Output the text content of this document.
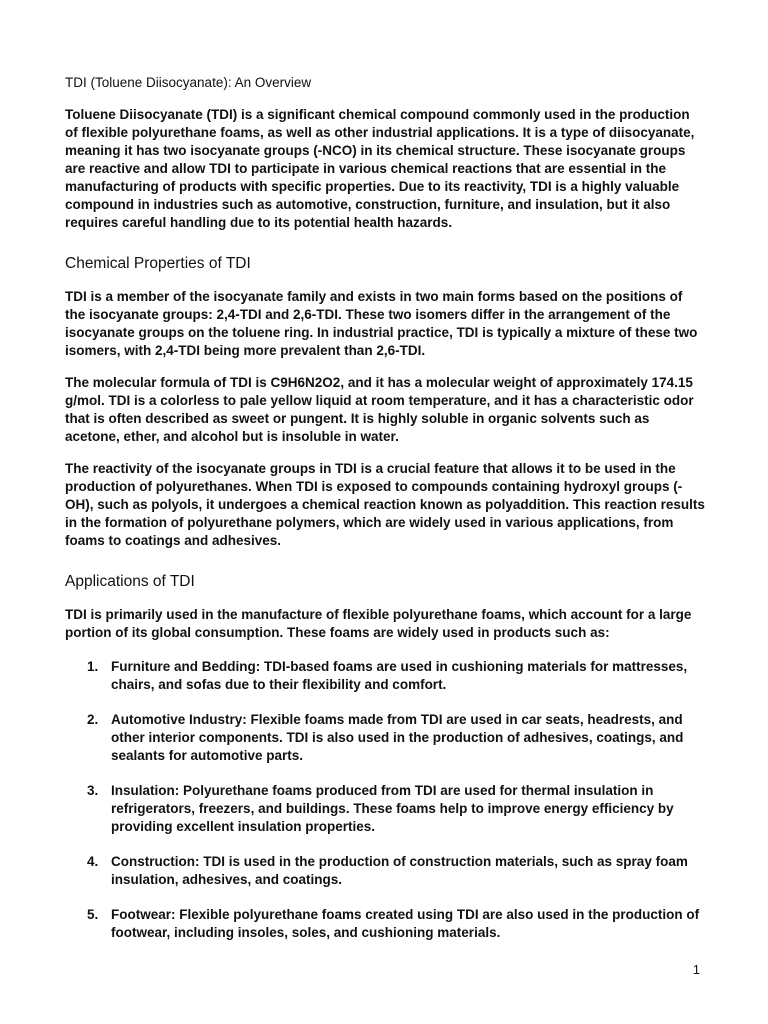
TDI (Toluene Diisocyanate): An Overview

Toluene Diisocyanate (TDI) is a significant chemical compound commonly used in the production of flexible polyurethane foams, as well as other industrial applications. It is a type of diisocyanate, meaning it has two isocyanate groups (-NCO) in its chemical structure. These isocyanate groups are reactive and allow TDI to participate in various chemical reactions that are essential in the manufacturing of products with specific properties. Due to its reactivity, TDI is a highly valuable compound in industries such as automotive, construction, furniture, and insulation, but it also requires careful handling due to its potential health hazards.

Chemical Properties of TDI

TDI is a member of the isocyanate family and exists in two main forms based on the positions of the isocyanate groups: 2,4-TDI and 2,6-TDI. These two isomers differ in the arrangement of the isocyanate groups on the toluene ring. In industrial practice, TDI is typically a mixture of these two isomers, with 2,4-TDI being more prevalent than 2,6-TDI.

The molecular formula of TDI is C9H6N2O2, and it has a molecular weight of approximately 174.15 g/mol. TDI is a colorless to pale yellow liquid at room temperature, and it has a characteristic odor that is often described as sweet or pungent. It is highly soluble in organic solvents such as acetone, ether, and alcohol but is insoluble in water.

The reactivity of the isocyanate groups in TDI is a crucial feature that allows it to be used in the production of polyurethanes. When TDI is exposed to compounds containing hydroxyl groups (-OH), such as polyols, it undergoes a chemical reaction known as polyaddition. This reaction results in the formation of polyurethane polymers, which are widely used in various applications, from foams to coatings and adhesives.

Applications of TDI

TDI is primarily used in the manufacture of flexible polyurethane foams, which account for a large portion of its global consumption. These foams are widely used in products such as:

1. Furniture and Bedding: TDI-based foams are used in cushioning materials for mattresses, chairs, and sofas due to their flexibility and comfort.
2. Automotive Industry: Flexible foams made from TDI are used in car seats, headrests, and other interior components. TDI is also used in the production of adhesives, coatings, and sealants for automotive parts.
3. Insulation: Polyurethane foams produced from TDI are used for thermal insulation in refrigerators, freezers, and buildings. These foams help to improve energy efficiency by providing excellent insulation properties.
4. Construction: TDI is used in the production of construction materials, such as spray foam insulation, adhesives, and coatings.
5. Footwear: Flexible polyurethane foams created using TDI are also used in the production of footwear, including insoles, soles, and cushioning materials.
1
